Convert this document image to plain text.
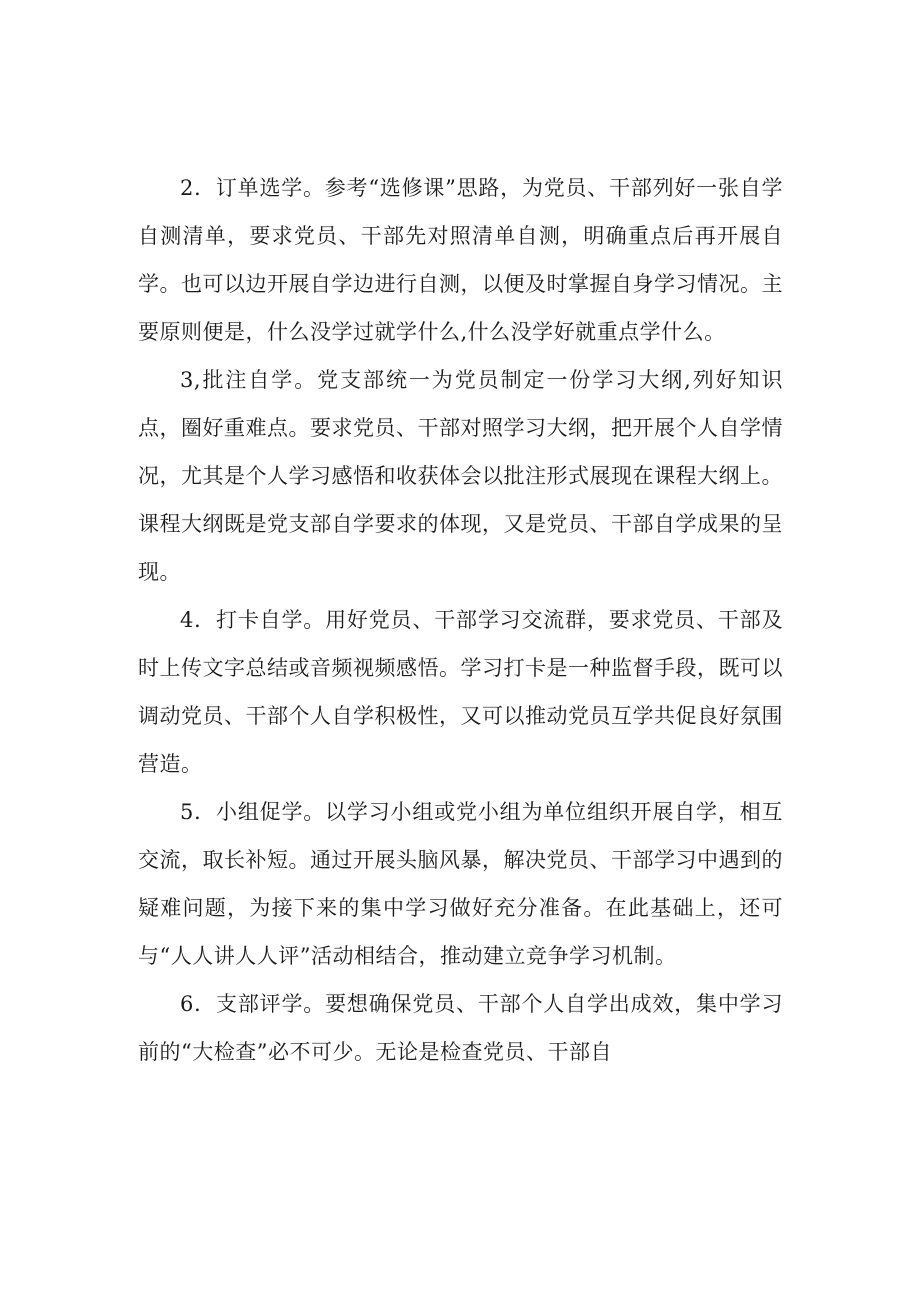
2．订单选学。参考“选修课”思路，为党员、干部列好一张自学自测清单，要求党员、干部先对照清单自测，明确重点后再开展自学。也可以边开展自学边进行自测，以便及时掌握自身学习情况。主要原则便是，什么没学过就学什么,什么没学好就重点学什么。

3,批注自学。党支部统一为党员制定一份学习大纲,列好知识点，圈好重难点。要求党员、干部对照学习大纲，把开展个人自学情况，尤其是个人学习感悟和收获体会以批注形式展现在课程大纲上。课程大纲既是党支部自学要求的体现，又是党员、干部自学成果的呈现。

4．打卡自学。用好党员、干部学习交流群，要求党员、干部及时上传文字总结或音频视频感悟。学习打卡是一种监督手段，既可以调动党员、干部个人自学积极性，又可以推动党员互学共促良好氛围营造。

5．小组促学。以学习小组或党小组为单位组织开展自学，相互交流，取长补短。通过开展头脑风暴，解决党员、干部学习中遇到的疑难问题，为接下来的集中学习做好充分准备。在此基础上，还可与“人人讲人人评”活动相结合，推动建立竞争学习机制。

6．支部评学。要想确保党员、干部个人自学出成效，集中学习前的“大检查”必不可少。无论是检查党员、干部自
